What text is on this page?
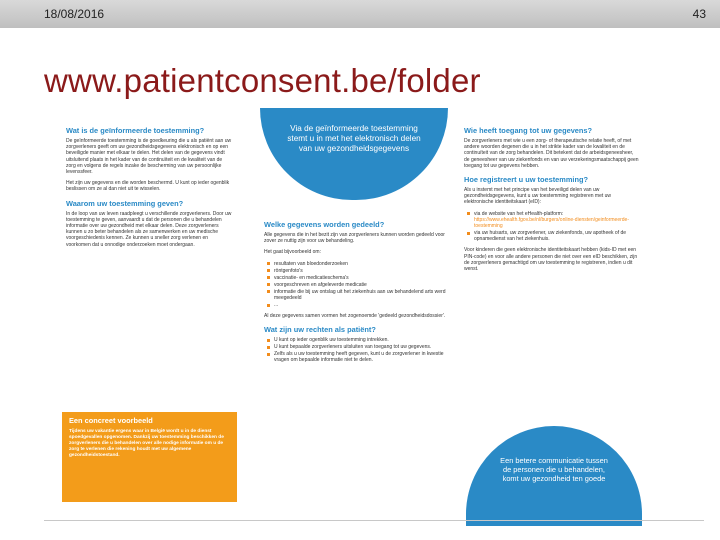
18/08/2016	43
www.patientconsent.be/folder
Wat is de geïnformeerde toestemming?
De geïnformeerde toestemming is de goedkeuring die u als patiënt aan uw zorgverleners geeft om uw gezondheidsgegevens elektronisch en op een beveiligde manier met elkaar te delen. Het delen van de gegevens vindt uitsluitend plaats in het kader van de continuïteit en de kwaliteit van de zorg en volgens de regels inzake de bescherming van uw persoonlijke levenssfeer.
Het zijn uw gegevens en die worden beschermd. U kunt op ieder ogenblik beslissen om ze al dan niet uit te wisselen.
Waarom uw toestemming geven?
In de loop van uw leven raadpleegt u verschillende zorgverleners. Door uw toestemming te geven, aanvaardt u dat de personen die u behandelen informatie over uw gezondheid met elkaar delen. Deze zorgverleners kunnen u zo beter behandelen als ze samenwerken en uw medische voorgeschiedenis kennen. Ze kunnen u sneller zorg verlenen en voorkomen dat u onnodige onderzoeken moet ondergaan.
Een concreet voorbeeld
Tijdens uw vakantie ergens waar in België wordt u in de dienst spoedgevallen opgenomen. Dankzij uw toestemming beschikken de zorgverleners die u behandelen over alle nodige informatie om u de zorg te verlenen die rekening houdt met uw algemene gezondheidstoestand.
Via de geïnformeerde toestemming stemt u in met het elektronisch delen van uw gezondheidsgegevens
Welke gegevens worden gedeeld?
Alle gegevens die in het bezit zijn van zorgverleners kunnen worden gedeeld voor zover ze nuttig zijn voor uw behandeling.
Het gaat bijvoorbeeld om:
resultaten van bloedonderzoeken
röntgenfoto's
vaccinatie- en medicatieschema's
voorgeschreven en afgeleverde medicatie
informatie die bij uw ontslag uit het ziekenhuis aan uw behandelend arts werd meegedeeld
...
Al deze gegevens samen vormen het zogenoemde 'gedeeld gezondheidsdossier'.
Wat zijn uw rechten als patiënt?
U kunt op ieder ogenblik uw toestemming intrekken.
U kunt bepaalde zorgverleners uitsluiten van toegang tot uw gegevens.
Zelfs als u uw toestemming heeft gegeven, kunt u de zorgverlener in kwestie vragen om bepaalde informatie niet te delen.
Wie heeft toegang tot uw gegevens?
De zorgverleners met wie u een zorg- of therapeutische relatie heeft, of met andere woorden degenen die u in het strikte kader van de kwaliteit en de continuïteit van de zorg behandelen. Dit betekent dat de arbeidsgeneesheer, de geneesheer van uw ziekenfonds en van uw verzekeringsmaatschappij geen toegang tot uw gegevens hebben.
Hoe registreert u uw toestemming?
Als u instemt met het principe van het beveiligd delen van uw gezondheidsgegevens, kunt u uw toestemming registreren met uw elektronische identiteitskaart (eID):
via de website van het eHealth-platform: https://www.ehealth.fgov.be/nl/burgers/online-diensten/geinformeerde-toestemming
via uw huisarts, uw zorgverlener, uw ziekenfonds, uw apotheek of de opnamedienst van het ziekenhuis.
Voor kinderen die geen elektronische identiteitskaart hebben (kids-ID met een PIN-code) en voor alle andere personen die niet over een eID beschikken, zijn de zorgverleners gemachtigd om uw toestemming te registreren, indien u dit wenst.
Een betere communicatie tussen de personen die u behandelen, komt uw gezondheid ten goede
